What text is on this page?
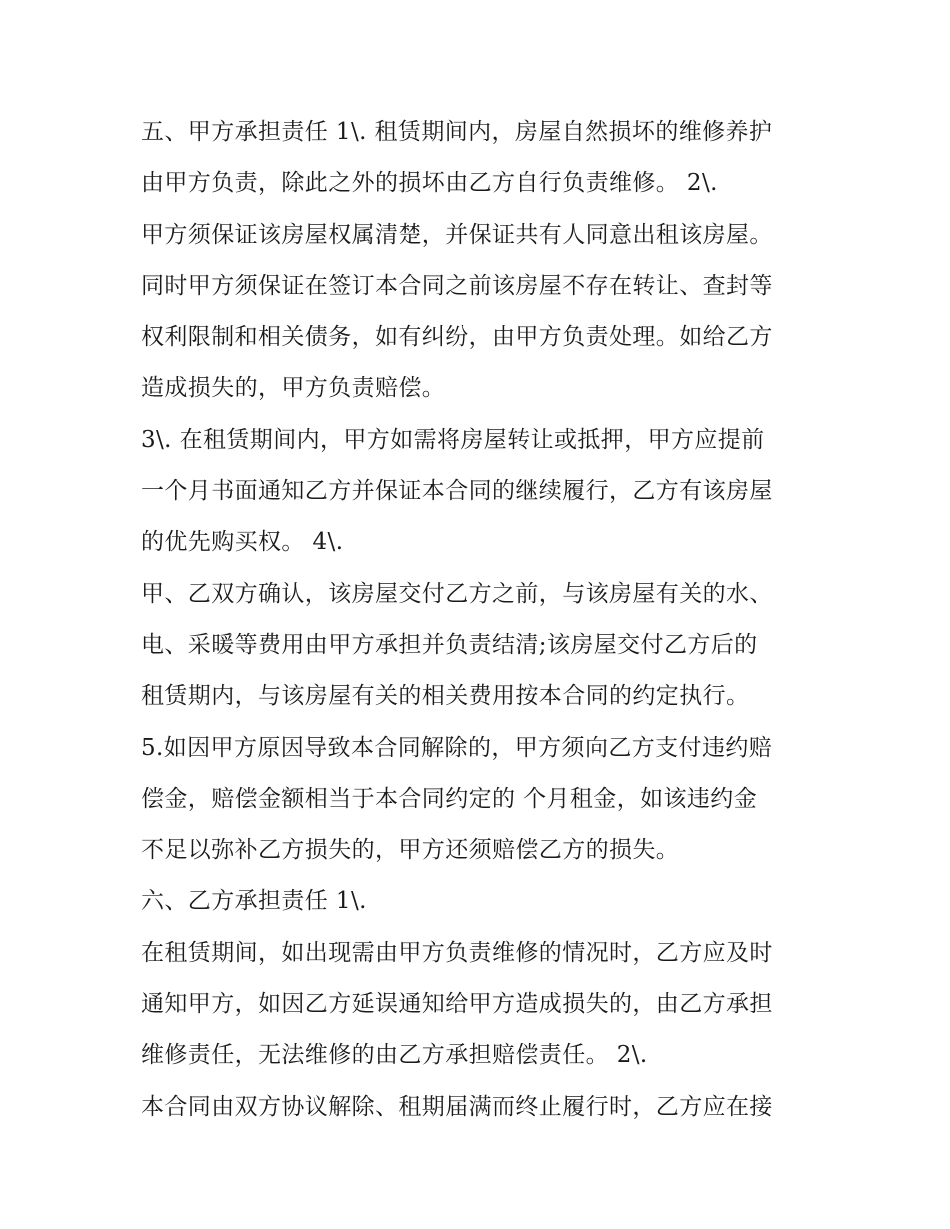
五、甲方承担责任 1\. 租赁期间内，房屋自然损坏的维修养护
由甲方负责，除此之外的损坏由乙方自行负责维修。 2\.
甲方须保证该房屋权属清楚，并保证共有人同意出租该房屋。
同时甲方须保证在签订本合同之前该房屋不存在转让、查封等
权利限制和相关债务，如有纠纷，由甲方负责处理。如给乙方
造成损失的，甲方负责赔偿。
3\. 在租赁期间内，甲方如需将房屋转让或抵押，甲方应提前
一个月书面通知乙方并保证本合同的继续履行，乙方有该房屋
的优先购买权。 4\.
甲、乙双方确认，该房屋交付乙方之前，与该房屋有关的水、
电、采暖等费用由甲方承担并负责结清;该房屋交付乙方后的
租赁期内，与该房屋有关的相关费用按本合同的约定执行。
5.如因甲方原因导致本合同解除的，甲方须向乙方支付违约赔
偿金，赔偿金额相当于本合同约定的 个月租金，如该违约金
不足以弥补乙方损失的，甲方还须赔偿乙方的损失。
六、乙方承担责任 1\.
在租赁期间，如出现需由甲方负责维修的情况时，乙方应及时
通知甲方，如因乙方延误通知给甲方造成损失的，由乙方承担
维修责任，无法维修的由乙方承担赔偿责任。 2\.
本合同由双方协议解除、租期届满而终止履行时，乙方应在接
